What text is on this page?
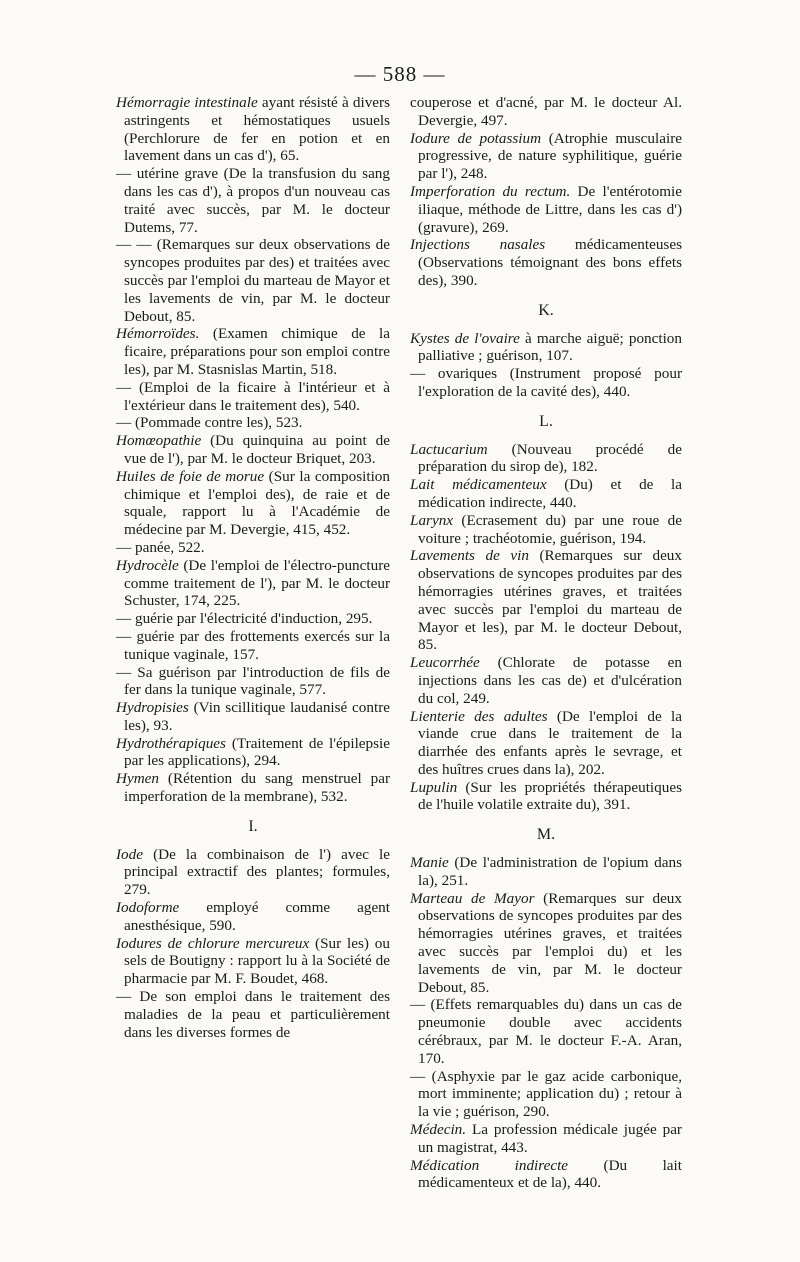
— 588 —

Hémorragie intestinale ayant résisté à divers astringents et hémostatiques usuels (Perchlorure de fer en potion et en lavement dans un cas d'), 65.

— utérine grave (De la transfusion du sang dans les cas d'), à propos d'un nouveau cas traité avec succès, par M. le docteur Dutems, 77.

— — (Remarques sur deux observations de syncopes produites par des) et traitées avec succès par l'emploi du marteau de Mayor et les lavements de vin, par M. le docteur Debout, 85.

Hémorroïdes. (Examen chimique de la ficaire, préparations pour son emploi contre les), par M. Stasnislas Martin, 518.

— (Emploi de la ficaire à l'intérieur et à l'extérieur dans le traitement des), 540.

— (Pommade contre les), 523.

Homœopathie (Du quinquina au point de vue de l'), par M. le docteur Briquet, 203.

Huiles de foie de morue (Sur la composition chimique et l'emploi des), de raie et de squale, rapport lu à l'Académie de médecine par M. Devergie, 415, 452.

— panée, 522.

Hydrocèle (De l'emploi de l'électro-puncture comme traitement de l'), par M. le docteur Schuster, 174, 225.

— guérie par l'électricité d'induction, 295.

— guérie par des frottements exercés sur la tunique vaginale, 157.

— Sa guérison par l'introduction de fils de fer dans la tunique vaginale, 577.

Hydropisies (Vin scillitique laudanisé contre les), 93.

Hydrothérapiques (Traitement de l'épilepsie par les applications), 294.

Hymen (Rétention du sang menstruel par imperforation de la membrane), 532.

I.

Iode (De la combinaison de l') avec le principal extractif des plantes; formules, 279.

Iodoforme employé comme agent anesthésique, 590.

Iodures de chlorure mercureux (Sur les) ou sels de Boutigny : rapport lu à la Société de pharmacie par M. F. Boudet, 468.

— De son emploi dans le traitement des maladies de la peau et particulièrement dans les diverses formes de

couperose et d'acné, par M. le docteur Al. Devergie, 497.

Iodure de potassium (Atrophie musculaire progressive, de nature syphilitique, guérie par l'), 248.

Imperforation du rectum. De l'entérotomie iliaque, méthode de Littre, dans les cas d') (gravure), 269.

Injections nasales médicamenteuses (Observations témoignant des bons effets des), 390.

K.

Kystes de l'ovaire à marche aiguë; ponction palliative ; guérison, 107.

— ovariques (Instrument proposé pour l'exploration de la cavité des), 440.

L.

Lactucarium (Nouveau procédé de préparation du sirop de), 182.

Lait médicamenteux (Du) et de la médication indirecte, 440.

Larynx (Ecrasement du) par une roue de voiture ; trachéotomie, guérison, 194.

Lavements de vin (Remarques sur deux observations de syncopes produites par des hémorragies utérines graves, et traitées avec succès par l'emploi du marteau de Mayor et les), par M. le docteur Debout, 85.

Leucorrhée (Chlorate de potasse en injections dans les cas de) et d'ulcération du col, 249.

Lienterie des adultes (De l'emploi de la viande crue dans le traitement de la diarrhée des enfants après le sevrage, et des huîtres crues dans la), 202.

Lupulin (Sur les propriétés thérapeutiques de l'huile volatile extraite du), 391.

M.

Manie (De l'administration de l'opium dans la), 251.

Marteau de Mayor (Remarques sur deux observations de syncopes produites par des hémorragies utérines graves, et traitées avec succès par l'emploi du) et les lavements de vin, par M. le docteur Debout, 85.

— (Effets remarquables du) dans un cas de pneumonie double avec accidents cérébraux, par M. le docteur F.-A. Aran, 170.

— (Asphyxie par le gaz acide carbonique, mort imminente; application du) ; retour à la vie ; guérison, 290.

Médecin. La profession médicale jugée par un magistrat, 443.

Médication indirecte (Du lait médicamenteux et de la), 440.
